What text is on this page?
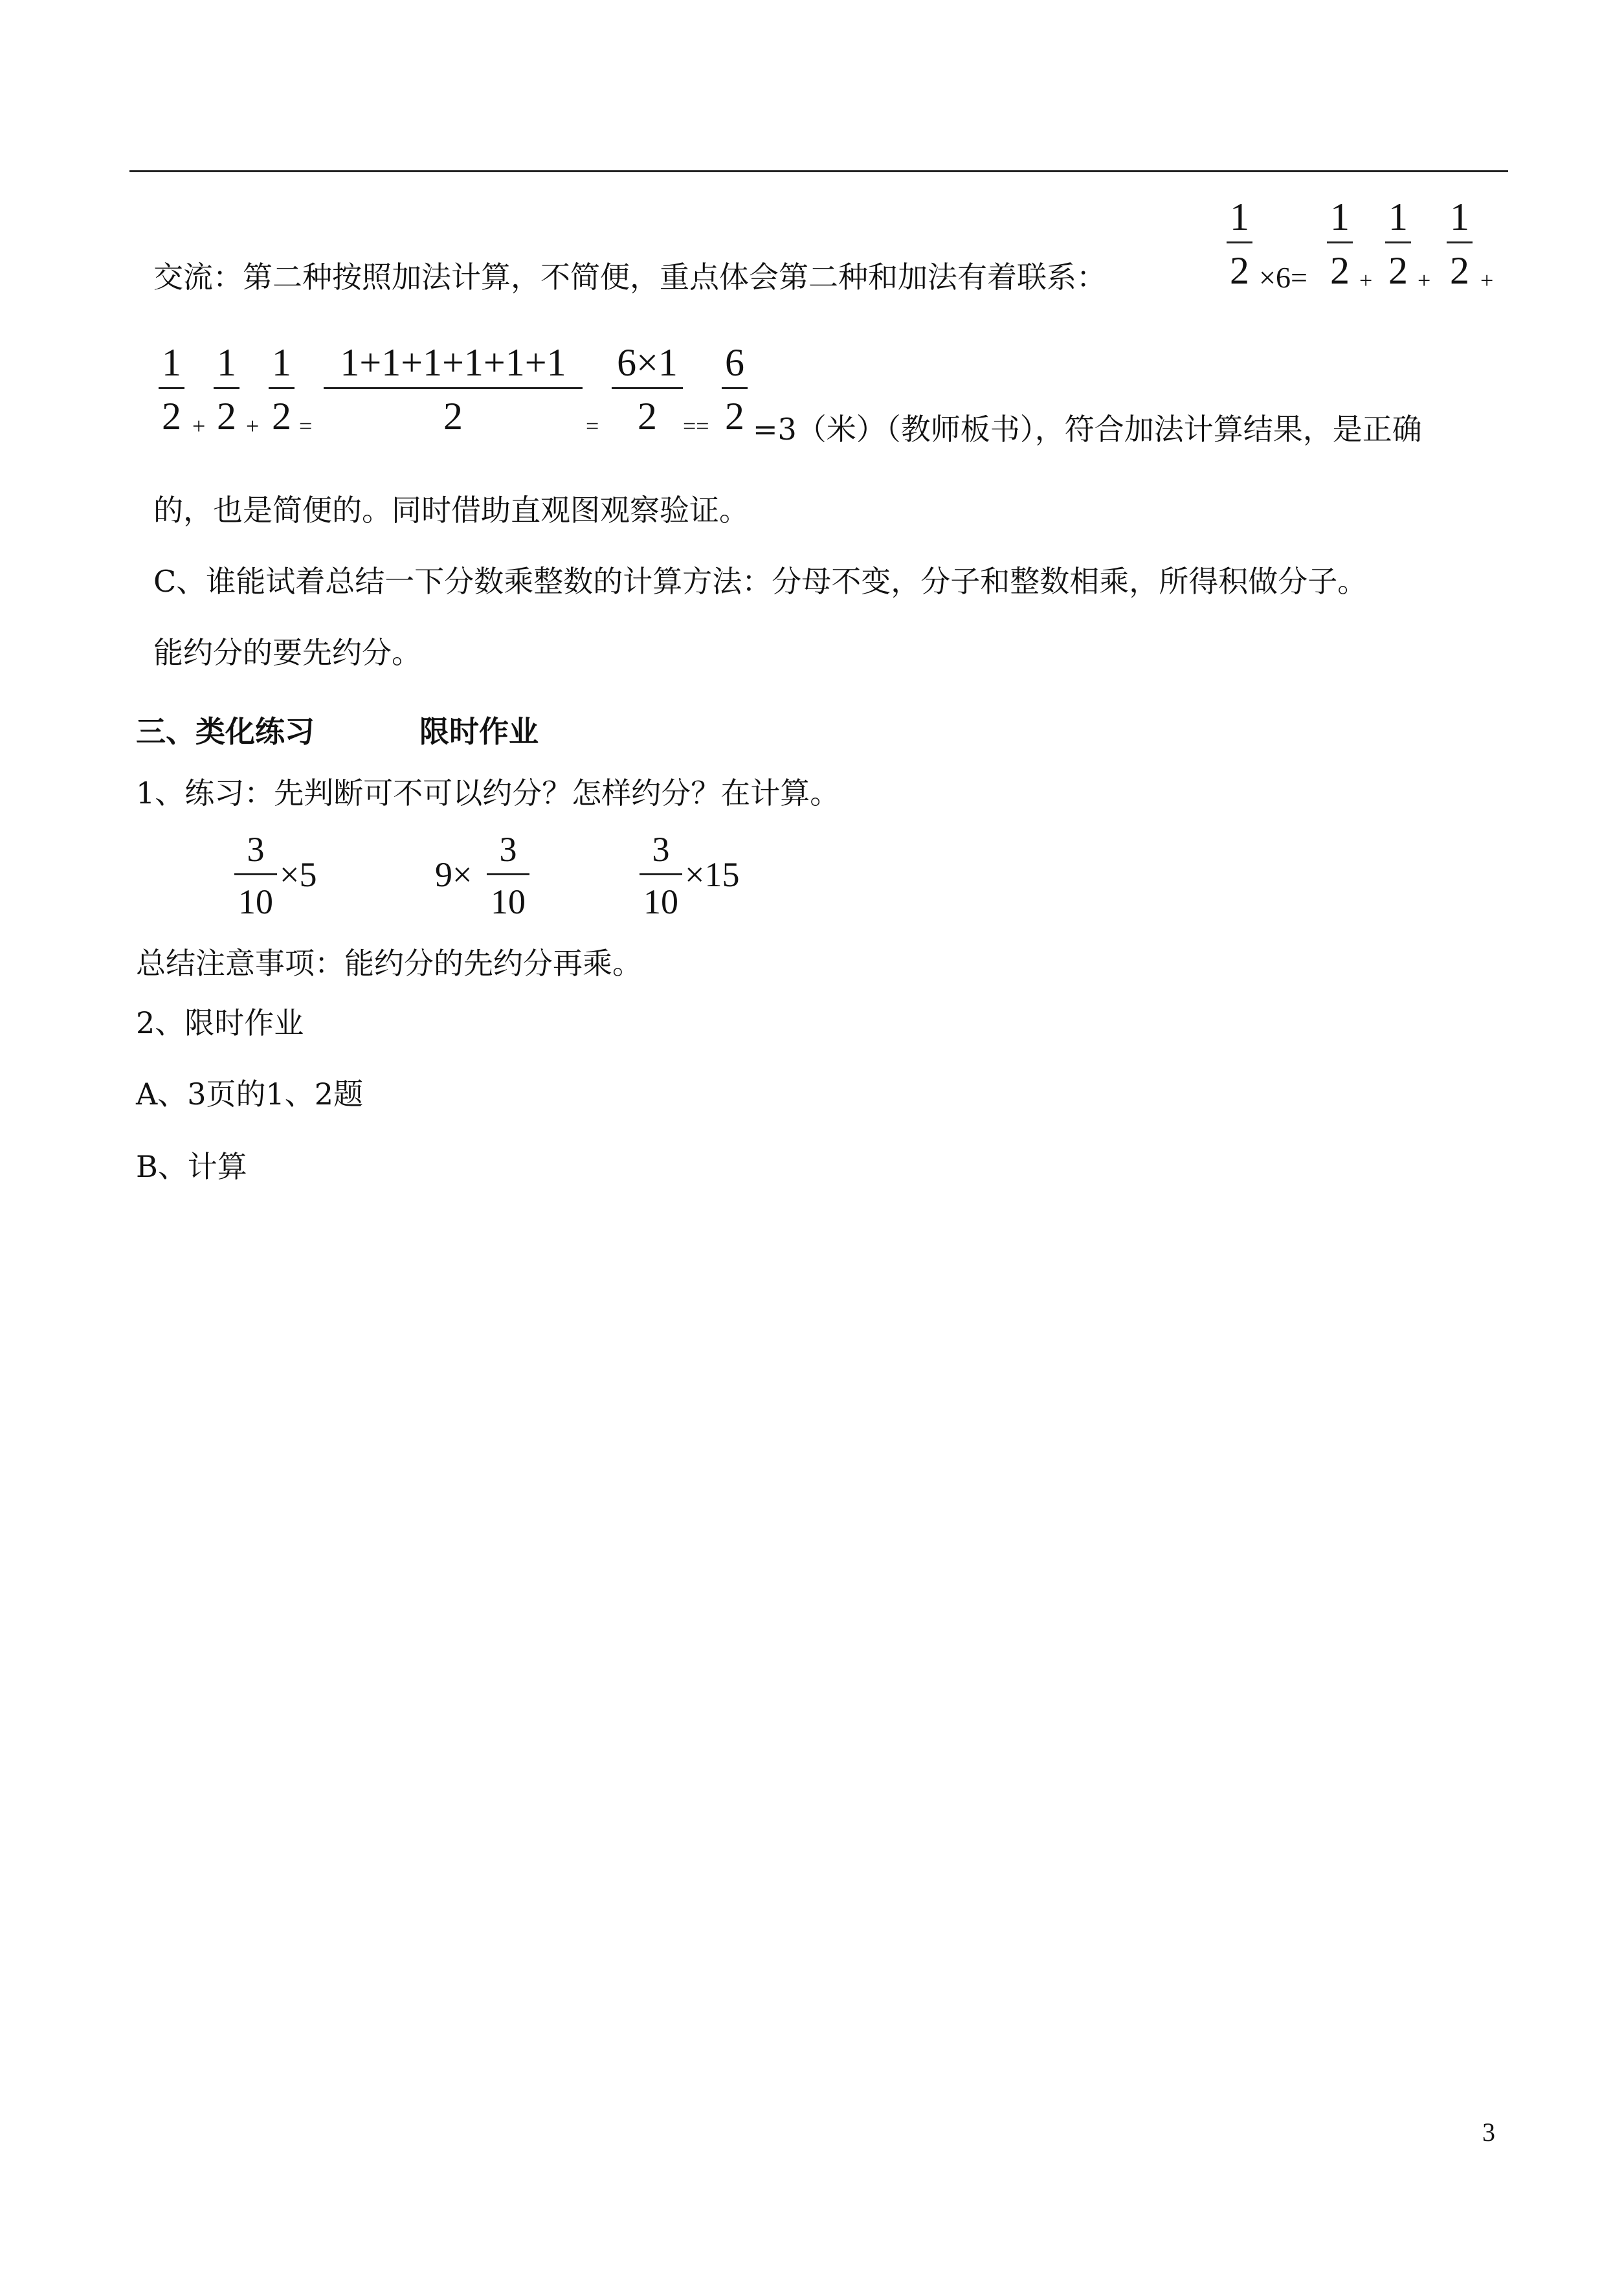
交流：第二种按照加法计算，不简便，重点体会第二种和加法有着联系：
1
2 ×6=
1
2 +
1
2 +
1
2 +
1
2 +
1
2 +
1
2 =
1+1+1+1+1+1
2	=
6×1
2 ==
6
2 =3（米）（教师板书），符合加法计算结果，是正确
的，也是简便的。同时借助直观图观察验证。
C、谁能试着总结一下分数乘整数的计算方法：分母不变，分子和整数相乘，所得积做分子。
能约分的要先约分。
三、类化练习	限时作业
1、练习：先判断可不可以约分？怎样约分？在计算。
3
10
×5	9×
3
10
3
10
×15
总结注意事项：能约分的先约分再乘。
2、限时作业
A、3页的1、2题
B、计算
3
